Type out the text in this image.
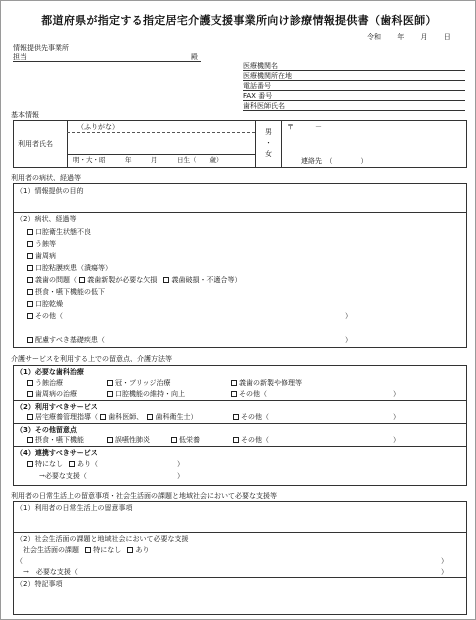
都道府県が指定する指定居宅介護支援事業所向け診療情報提供書（歯科医師）
令和 年 月 日
情報提供先事業所
担当	殿
医療機関名
医療機関所在地
電話番号
FAX 番号
歯科医師氏名
基本情報
利用者氏名
（ふりがな）
明・大・昭　　　年　　　月　　　日生（　　歳）
男
・
女
〒　　　－
連絡先　（　　　　）
利用者の病状、経過等
（1）情報提供の目的
（2）病状、経過等
口腔衛生状態不良
う蝕等
歯周病
口腔粘膜疾患（潰瘍等）
義歯の問題（ 義歯新製が必要な欠損 義歯破損・不適合等）
摂食・嚥下機能の低下
口腔乾燥
その他（	）
配慮すべき基礎疾患（	）
介護サービスを利用する上での留意点、介護方法等
（1）必要な歯科治療
う蝕治療	冠・ブリッジ治療	義歯の新製や修理等
歯周病の治療	口腔機能の維持・向上	その他（	）
（2）利用すべきサービス
居宅療養管理指導（ 歯科医師、 歯科衛生士）	その他（	）
（3）その他留意点
摂食・嚥下機能	誤嚥性肺炎	低栄養	その他（	）
（4）連携すべきサービス
特になし	あり（	）
→必要な支援（	）
利用者の日常生活上の留意事項・社会生活面の課題と地域社会において必要な支援等
（1）利用者の日常生活上の留意事項
（2）社会生活面の課題と地域社会において必要な支援
社会生活面の課題 特になし あり
（	）
→　必要な支援（	）
（2）特記事項
